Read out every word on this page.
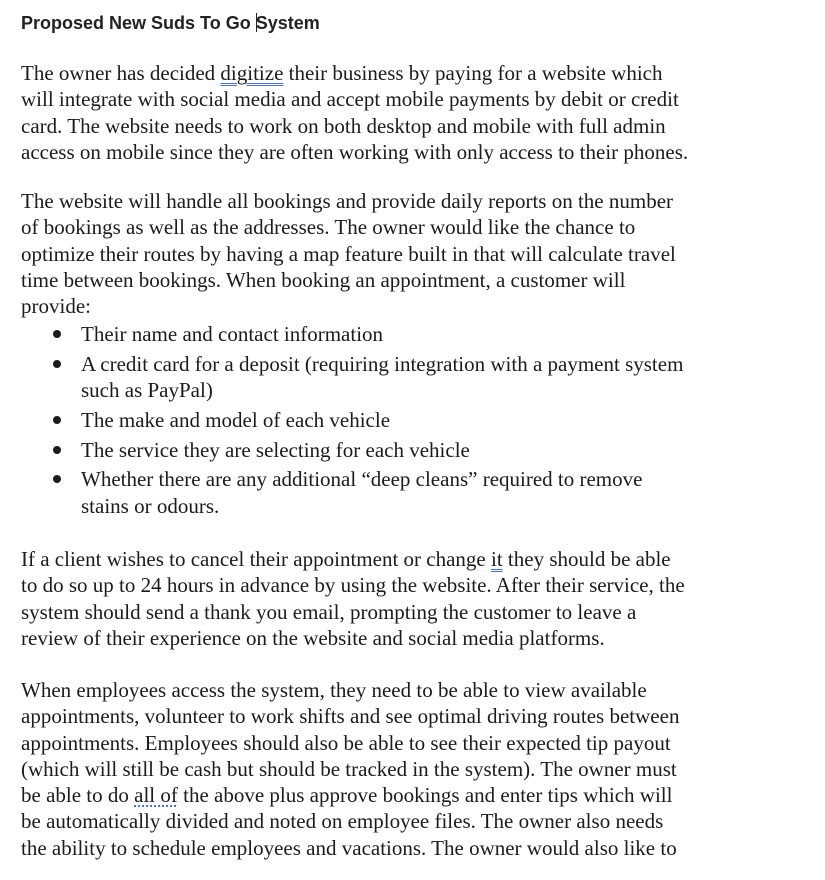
Proposed New Suds To Go System

The owner has decided digitize their business by paying for a website which
will integrate with social media and accept mobile payments by debit or credit
card. The website needs to work on both desktop and mobile with full admin
access on mobile since they are often working with only access to their phones.

The website will handle all bookings and provide daily reports on the number
of bookings as well as the addresses. The owner would like the chance to
optimize their routes by having a map feature built in that will calculate travel
time between bookings. When booking an appointment, a customer will
provide:

Their name and contact information
A credit card for a deposit (requiring integration with a payment system
such as PayPal)
The make and model of each vehicle
The service they are selecting for each vehicle
Whether there are any additional “deep cleans” required to remove
stains or odours.

If a client wishes to cancel their appointment or change it they should be able
to do so up to 24 hours in advance by using the website. After their service, the
system should send a thank you email, prompting the customer to leave a
review of their experience on the website and social media platforms.

When employees access the system, they need to be able to view available
appointments, volunteer to work shifts and see optimal driving routes between
appointments. Employees should also be able to see their expected tip payout
(which will still be cash but should be tracked in the system). The owner must
be able to do all of the above plus approve bookings and enter tips which will
be automatically divided and noted on employee files. The owner also needs
the ability to schedule employees and vacations. The owner would also like to
